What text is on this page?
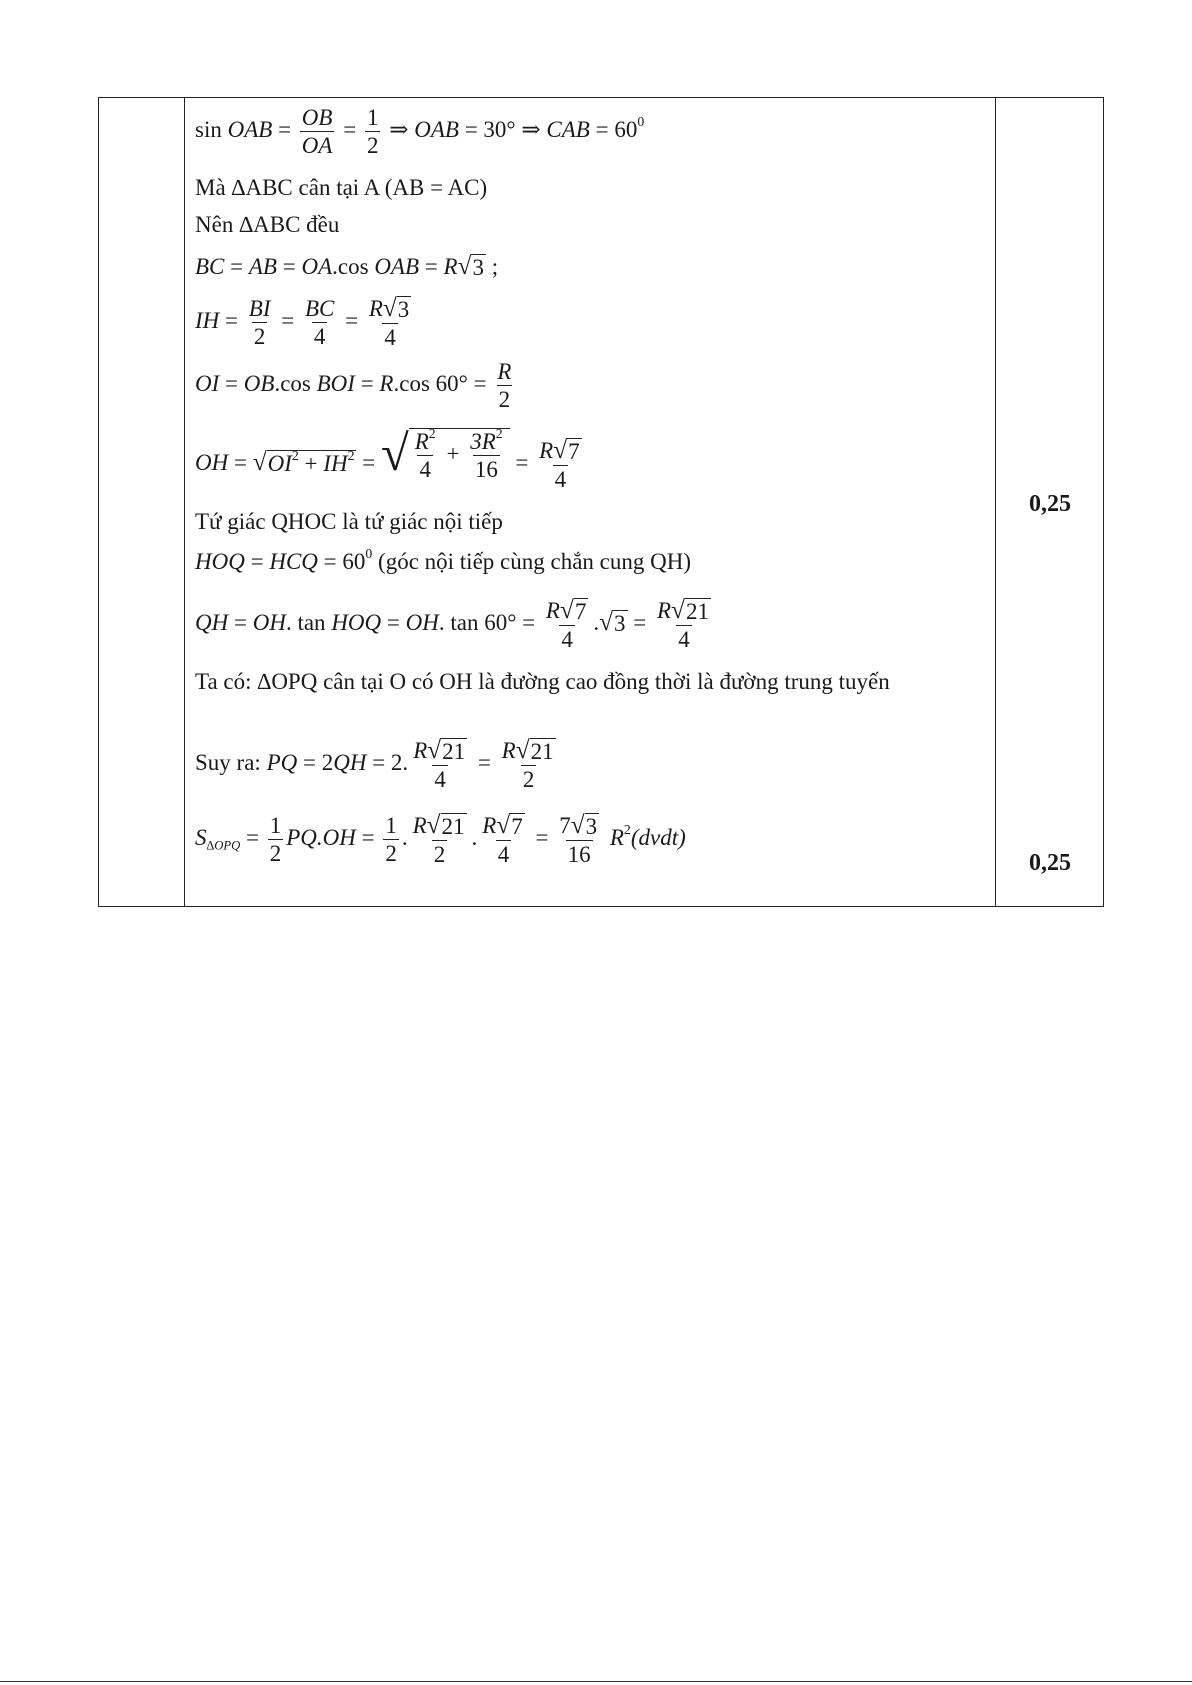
sin OAB = $\frac{OB}{OA} = \frac{1}{2}$ ⇒ OAB = 30° ⇒ CAB = $60^0$
Mà ∆ABC cân tại A (AB = AC)
Nên ∆ABC đều
BC = AB = OA.cos OAB = R √ 3 ;
IH = $\frac{BI}{2} = \frac{BC}{4} = \frac{R √ 3}{4}$
OI = OB.cos BOI = R.cos $60^\circ = \frac{R}{2}$
OH = √ $OI^2 + IH^2$ = √ $\frac{R^2}{4} + \frac{3R^2}{16} = \frac{R √ 7}{4}$
Tứ giác QHOC là tứ giác nội tiếp
HOQ = HCQ = $60^0$ (góc nội tiếp cùng chắn cung QH)
QH = OH. tan HOQ = OH. $\tan 60^\circ = \frac{R √ 7}{4}$ . √ $3 = \frac{R √ 21}{4}$
Ta có: ∆OPQ cân tại O có OH là đường cao đồng thời là đường trung tuyến
Suy ra: PQ = 2QH = 2. $\frac{R √ 21}{4} = \frac{R √ 21}{2}$
$S_{\Delta OPQ} = \frac{1}{2} PQ.OH = \frac{1}{2}$ . $\frac{R √ 21}{2}$ . $\frac{R √ 7}{4} = \frac{7 √ 3}{16}$ $R^2(dvdt)$
0,25
0,25
